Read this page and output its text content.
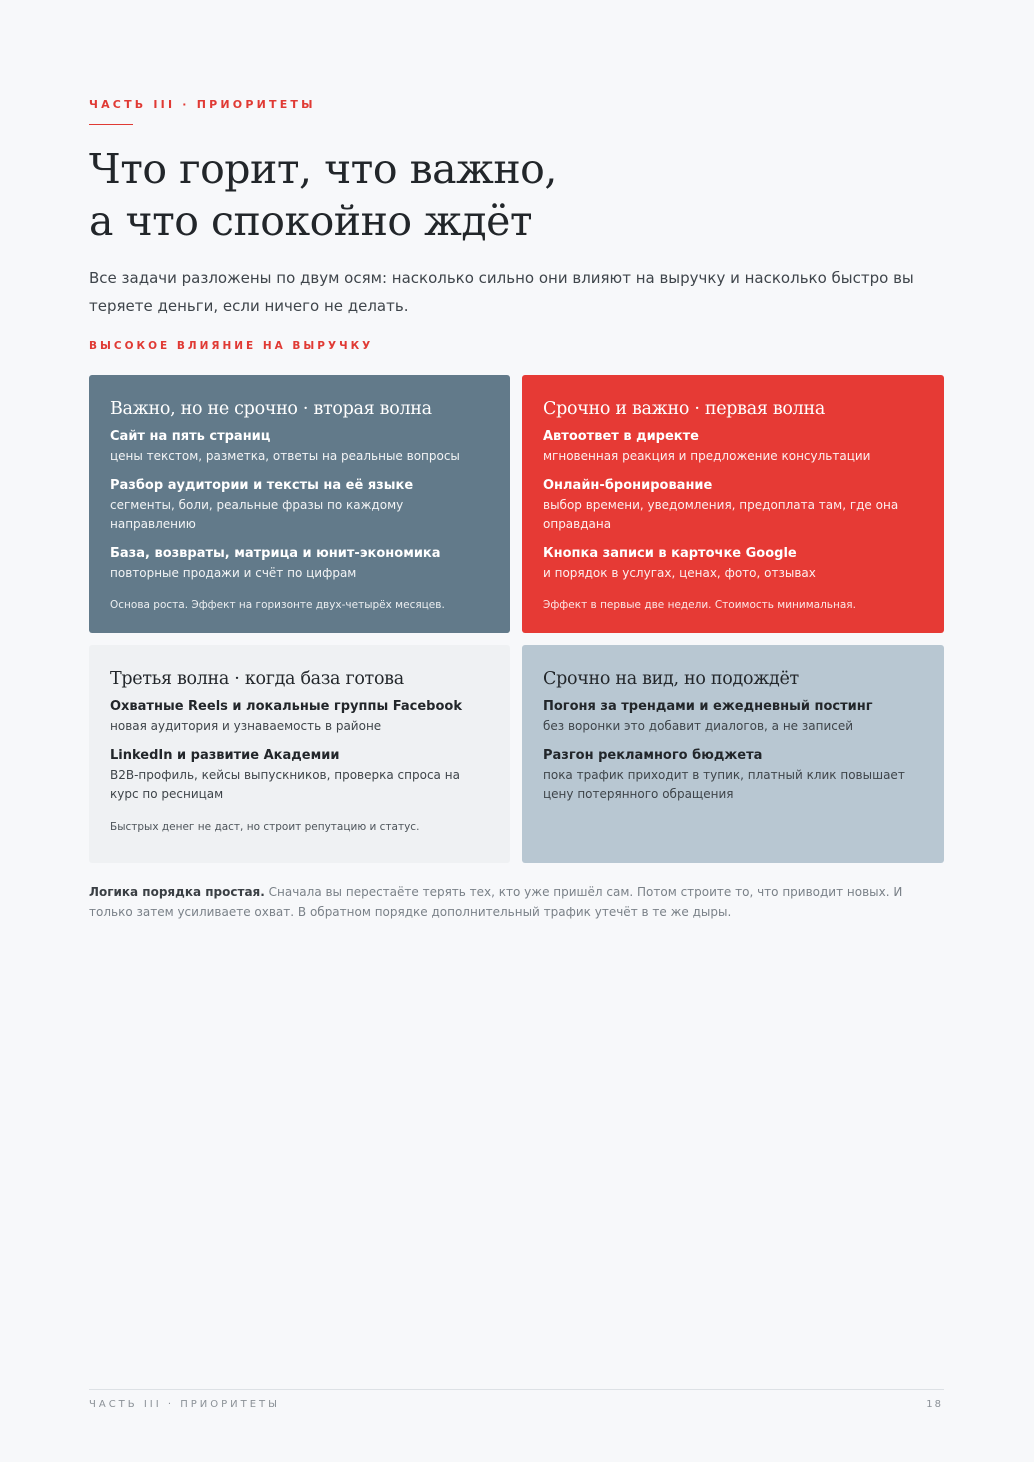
ЧАСТЬ III · ПРИОРИТЕТЫ
Что горит, что важно,
а что спокойно ждёт

Все задачи разложены по двум осям: насколько сильно они влияют на выручку и насколько быстро вы теряете деньги, если ничего не делать.

ВЫСОКОЕ ВЛИЯНИЕ НА ВЫРУЧКУ
Важно, но не срочно · вторая волна
Сайт на пять страниц
цены текстом, разметка, ответы на реальные вопросы
Разбор аудитории и тексты на её языке
сегменты, боли, реальные фразы по каждому направлению
База, возвраты, матрица и юнит-экономика
повторные продажи и счёт по цифрам
Основа роста. Эффект на горизонте двух-четырёх месяцев.
Срочно и важно · первая волна
Автоответ в директе
мгновенная реакция и предложение консультации
Онлайн-бронирование
выбор времени, уведомления, предоплата там, где она оправдана
Кнопка записи в карточке Google
и порядок в услугах, ценах, фото, отзывах
Эффект в первые две недели. Стоимость минимальная.
Третья волна · когда база готова
Охватные Reels и локальные группы Facebook
новая аудитория и узнаваемость в районе
LinkedIn и развитие Академии
B2B-профиль, кейсы выпускников, проверка спроса на курс по ресницам
Быстрых денег не даст, но строит репутацию и статус.
Срочно на вид, но подождёт
Погоня за трендами и ежедневный постинг
без воронки это добавит диалогов, а не записей
Разгон рекламного бюджета
пока трафик приходит в тупик, платный клик повышает цену потерянного обращения

Логика порядка простая. Сначала вы перестаёте терять тех, кто уже пришёл сам. Потом строите то, что приводит новых. И только затем усиливаете охват. В обратном порядке дополнительный трафик утечёт в те же дыры.

ЧАСТЬ III · ПРИОРИТЕТЫ	18
